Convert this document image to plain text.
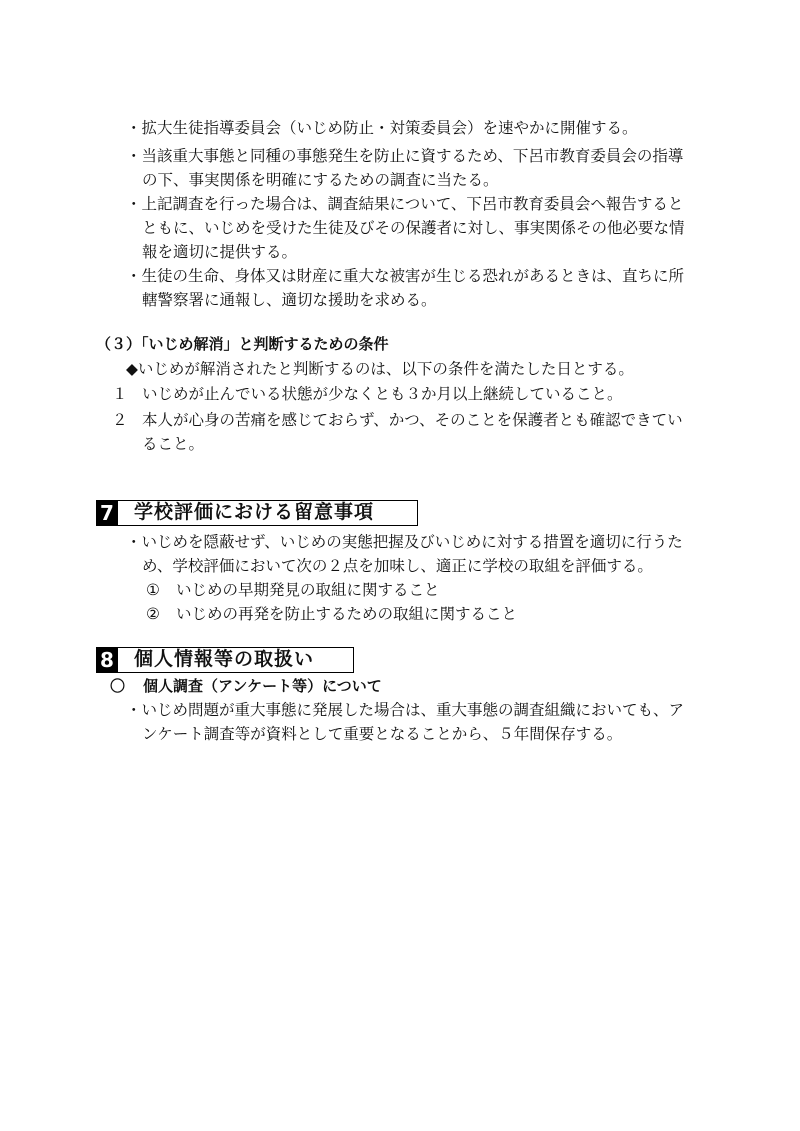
・拡大生徒指導委員会（いじめ防止・対策委員会）を速やかに開催する。
・当該重大事態と同種の事態発生を防止に資するため、下呂市教育委員会の指導
の下、事実関係を明確にするための調査に当たる。
・上記調査を行った場合は、調査結果について、下呂市教育委員会へ報告すると
ともに、いじめを受けた生徒及びその保護者に対し、事実関係その他必要な情
報を適切に提供する。
・生徒の生命、身体又は財産に重大な被害が生じる恐れがあるときは、直ちに所
轄警察署に通報し、適切な援助を求める。
（３）「いじめ解消」と判断するための条件
◆いじめが解消されたと判断するのは、以下の条件を満たした日とする。
１ いじめが止んでいる状態が少なくとも３か月以上継続していること。
２ 本人が心身の苦痛を感じておらず、かつ、そのことを保護者とも確認できてい
ること。
7 学校評価における留意事項
・いじめを隠蔽せず、いじめの実態把握及びいじめに対する措置を適切に行うた
め、学校評価において次の２点を加味し、適正に学校の取組を評価する。
① いじめの早期発見の取組に関すること
② いじめの再発を防止するための取組に関すること
8 個人情報等の取扱い
〇 個人調査（アンケート等）について
・いじめ問題が重大事態に発展した場合は、重大事態の調査組織においても、ア
ンケート調査等が資料として重要となることから、５年間保存する。
